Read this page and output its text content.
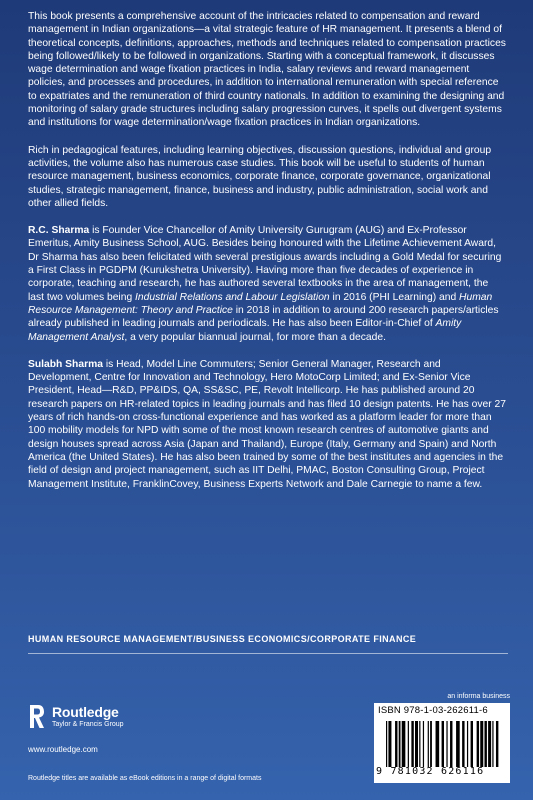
This book presents a comprehensive account of the intricacies related to compensation and reward management in Indian organizations—a vital strategic feature of HR management. It presents a blend of theoretical concepts, definitions, approaches, methods and techniques related to compensation practices being followed/likely to be followed in organizations. Starting with a conceptual framework, it discusses wage determination and wage fixation practices in India, salary reviews and reward management policies, and processes and procedures, in addition to international remuneration with special reference to expatriates and the remuneration of third country nationals. In addition to examining the designing and monitoring of salary grade structures including salary progression curves, it spells out divergent systems and institutions for wage determination/wage fixation practices in Indian organizations.

Rich in pedagogical features, including learning objectives, discussion questions, individual and group activities, the volume also has numerous case studies. This book will be useful to students of human resource management, business economics, corporate finance, corporate governance, organizational studies, strategic management, finance, business and industry, public administration, social work and other allied fields.

R.C. Sharma is Founder Vice Chancellor of Amity University Gurugram (AUG) and Ex-Professor Emeritus, Amity Business School, AUG. Besides being honoured with the Lifetime Achievement Award, Dr Sharma has also been felicitated with several prestigious awards including a Gold Medal for securing a First Class in PGDPM (Kurukshetra University). Having more than five decades of experience in corporate, teaching and research, he has authored several textbooks in the area of management, the last two volumes being Industrial Relations and Labour Legislation in 2016 (PHI Learning) and Human Resource Management: Theory and Practice in 2018 in addition to around 200 research papers/articles already published in leading journals and periodicals. He has also been Editor-in-Chief of Amity Management Analyst, a very popular biannual journal, for more than a decade.

Sulabh Sharma is Head, Model Line Commuters; Senior General Manager, Research and Development, Centre for Innovation and Technology, Hero MotoCorp Limited; and Ex-Senior Vice President, Head—R&D, PP&IDS, QA, SS&SC, PE, Revolt Intellicorp. He has published around 20 research papers on HR-related topics in leading journals and has filed 10 design patents. He has over 27 years of rich hands-on cross-functional experience and has worked as a platform leader for more than 100 mobility models for NPD with some of the most known research centres of automotive giants and design houses spread across Asia (Japan and Thailand), Europe (Italy, Germany and Spain) and North America (the United States). He has also been trained by some of the best institutes and agencies in the field of design and project management, such as IIT Delhi, PMAC, Boston Consulting Group, Project Management Institute, FranklinCovey, Business Experts Network and Dale Carnegie to name a few.

HUMAN RESOURCE MANAGEMENT/BUSINESS ECONOMICS/CORPORATE FINANCE
Routledge
Taylor & Francis Group
www.routledge.com
Routledge titles are available as eBook editions in a range of digital formats
an informa business
ISBN 978-1-03-262611-6
9 781032 626116
